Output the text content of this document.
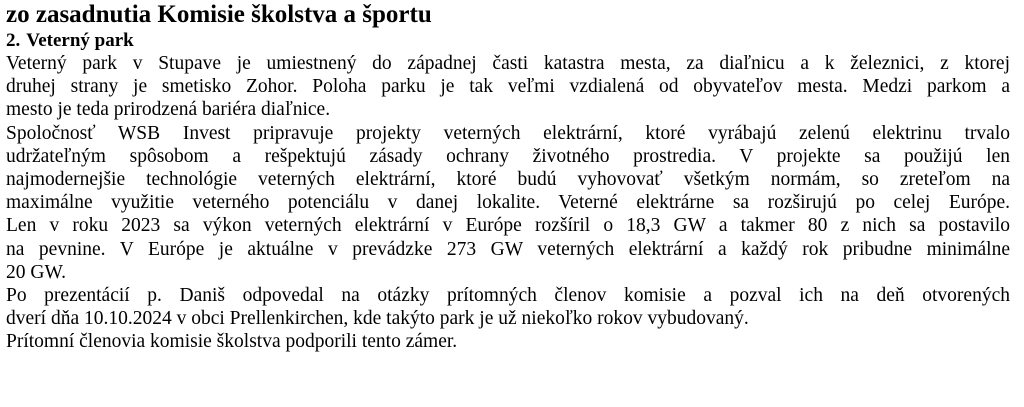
zo zasadnutia Komisie školstva a športu
2. Veterný park

Veterný park v Stupave je umiestnený do západnej časti katastra mesta, za diaľnicu a k železnici, z ktorej
druhej strany je smetisko Zohor. Poloha parku je tak veľmi vzdialená od obyvateľov mesta. Medzi parkom a
mesto je teda prirodzená bariéra diaľnice.

Spoločnosť WSB Invest pripravuje projekty veterných elektrární, ktoré vyrábajú zelenú elektrinu trvalo
udržateľným spôsobom a rešpektujú zásady ochrany životného prostredia. V projekte sa použijú len
najmodernejšie technológie veterných elektrární, ktoré budú vyhovovať všetkým normám, so zreteľom na
maximálne využitie veterného potenciálu v danej lokalite. Veterné elektrárne sa rozširujú po celej Európe.
Len v roku 2023 sa výkon veterných elektrární v Európe rozšíril o 18,3 GW a takmer 80 z nich sa postavilo
na pevnine. V Európe je aktuálne v prevádzke 273 GW veterných elektrární a každý rok pribudne minimálne
20 GW.

Po prezentácií p. Daniš odpovedal na otázky prítomných členov komisie a pozval ich na deň otvorených
dverí dňa 10.10.2024 v obci Prellenkirchen, kde takýto park je už niekoľko rokov vybudovaný.

Prítomní členovia komisie školstva podporili tento zámer.
